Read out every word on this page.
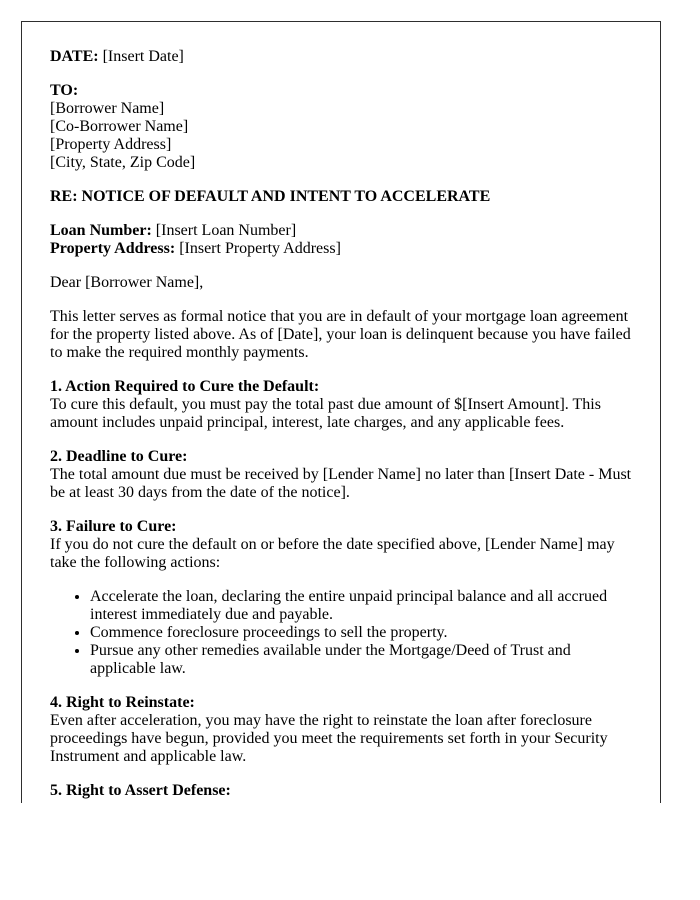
DATE: [Insert Date]

TO:
[Borrower Name]
[Co-Borrower Name]
[Property Address]
[City, State, Zip Code]

RE: NOTICE OF DEFAULT AND INTENT TO ACCELERATE

Loan Number: [Insert Loan Number]
Property Address: [Insert Property Address]

Dear [Borrower Name],

This letter serves as formal notice that you are in default of your mortgage loan agreement for the property listed above. As of [Date], your loan is delinquent because you have failed to make the required monthly payments.

1. Action Required to Cure the Default:
To cure this default, you must pay the total past due amount of $[Insert Amount]. This amount includes unpaid principal, interest, late charges, and any applicable fees.

2. Deadline to Cure:
The total amount due must be received by [Lender Name] no later than [Insert Date - Must be at least 30 days from the date of the notice].

3. Failure to Cure:
If you do not cure the default on or before the date specified above, [Lender Name] may take the following actions:

• Accelerate the loan, declaring the entire unpaid principal balance and all accrued interest immediately due and payable.
• Commence foreclosure proceedings to sell the property.
• Pursue any other remedies available under the Mortgage/Deed of Trust and applicable law.

4. Right to Reinstate:
Even after acceleration, you may have the right to reinstate the loan after foreclosure proceedings have begun, provided you meet the requirements set forth in your Security Instrument and applicable law.

5. Right to Assert Defense:
